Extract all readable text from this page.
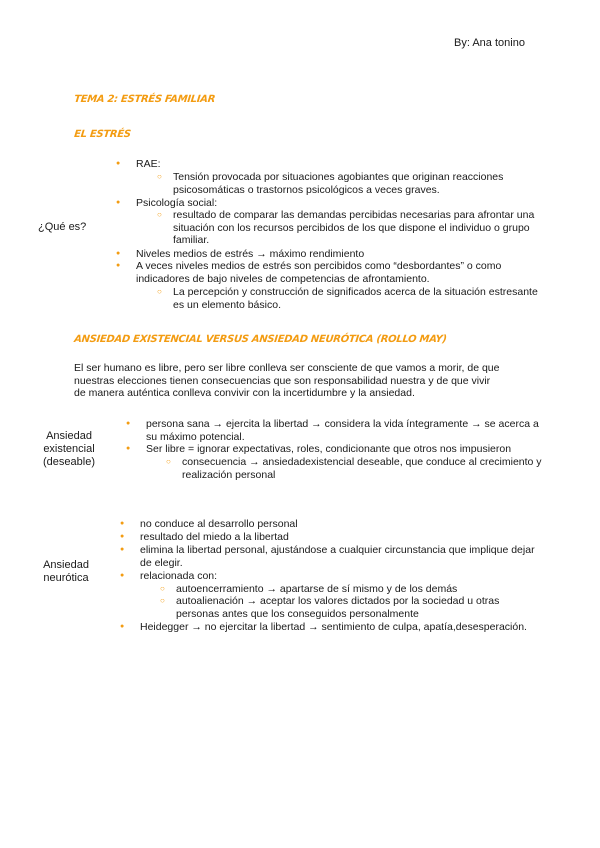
By: Ana tonino
TEMA 2: ESTRÉS FAMILIAR
EL ESTRÉS
¿Qué es?
● RAE:
○ Tensión provocada por situaciones agobiantes que originan reacciones
psicosomáticas o trastornos psicológicos a veces graves.
● Psicología social:
○ resultado de comparar las demandas percibidas necesarias para afrontar una
situación con los recursos percibidos de los que dispone el individuo o grupo
familiar.
● Niveles medios de estrés → máximo rendimiento
● A veces niveles medios de estrés son percibidos como “desbordantes” o como
indicadores de bajo niveles de competencias de afrontamiento.
○ La percepción y construcción de significados acerca de la situación estresante
es un elemento básico.
ANSIEDAD EXISTENCIAL VERSUS ANSIEDAD NEURÓTICA (ROLLO MAY)
El ser humano es libre, pero ser libre conlleva ser consciente de que vamos a morir, de que
nuestras elecciones tienen consecuencias que son responsabilidad nuestra y de que vivir
de manera auténtica conlleva convivir con la incertidumbre y la ansiedad.
Ansiedad
existencial
(deseable)
● persona sana → ejercita la libertad → considera la vida íntegramente → se acerca a
su máximo potencial.
● Ser libre = ignorar expectativas, roles, condicionante que otros nos impusieron
○ consecuencia → ansiedadexistencial deseable, que conduce al crecimiento y
realización personal
Ansiedad
neurótica
● no conduce al desarrollo personal
● resultado del miedo a la libertad
● elimina la libertad personal, ajustándose a cualquier circunstancia que implique dejar
de elegir.
● relacionada con:
○ autoencerramiento → apartarse de sí mismo y de los demás
○ autoalienación → aceptar los valores dictados por la sociedad u otras
personas antes que los conseguidos personalmente
● Heidegger → no ejercitar la libertad → sentimiento de culpa, apatía,desesperación.
